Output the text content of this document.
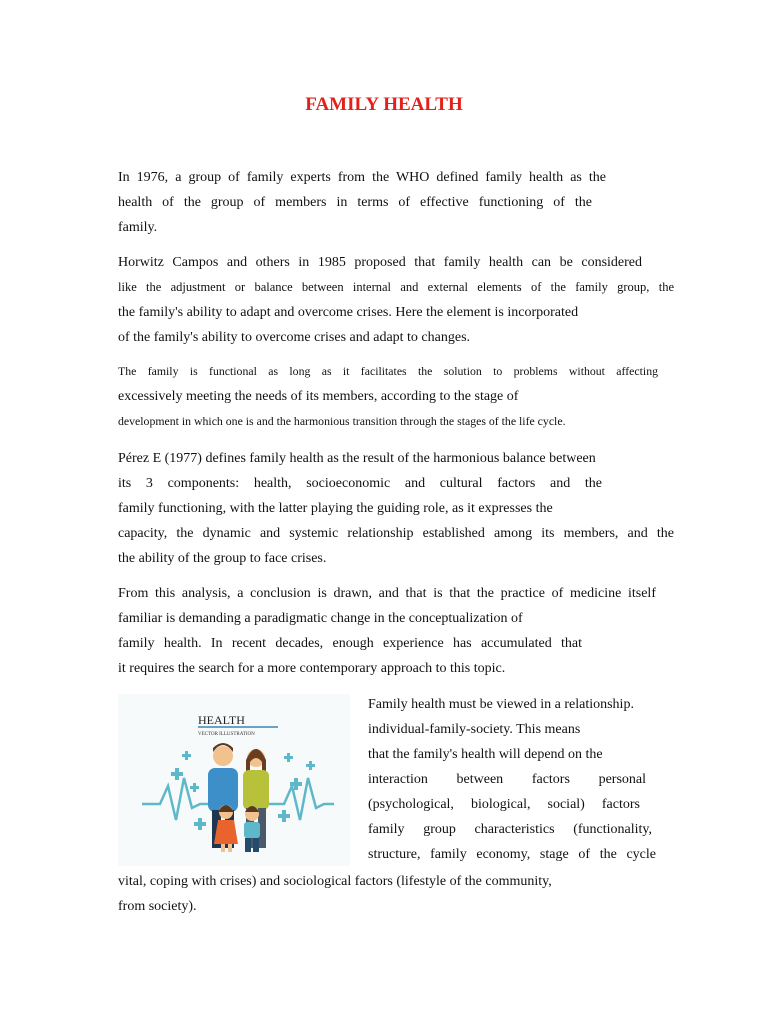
FAMILY HEALTH
In 1976, a group of family experts from the WHO defined family health as the
health of the group of members in terms of effective functioning of the
family.
Horwitz Campos and others in 1985 proposed that family health can be considered
like the adjustment or balance between internal and external elements of the family group, the
the family's ability to adapt and overcome crises. Here the element is incorporated
of the family's ability to overcome crises and adapt to changes.
The family is functional as long as it facilitates the solution to problems without affecting
excessively meeting the needs of its members, according to the stage of
development in which one is and the harmonious transition through the stages of the life cycle.
Pérez E (1977) defines family health as the result of the harmonious balance between
its 3 components: health, socioeconomic and cultural factors and the
family functioning, with the latter playing the guiding role, as it expresses the
capacity, the dynamic and systemic relationship established among its members, and the
the ability of the group to face crises.
From this analysis, a conclusion is drawn, and that is that the practice of medicine itself
familiar is demanding a paradigmatic change in the conceptualization of
family health. In recent decades, enough experience has accumulated that
it requires the search for a more contemporary approach to this topic.
HEALTH
VECTOR ILLUSTRATION
Family health must be viewed in a relationship.
individual-family-society. This means
that the family's health will depend on the
interaction between factors personal
(psychological, biological, social) factors
family group characteristics (functionality,
structure, family economy, stage of the cycle
vital, coping with crises) and sociological factors (lifestyle of the community,
from society).
